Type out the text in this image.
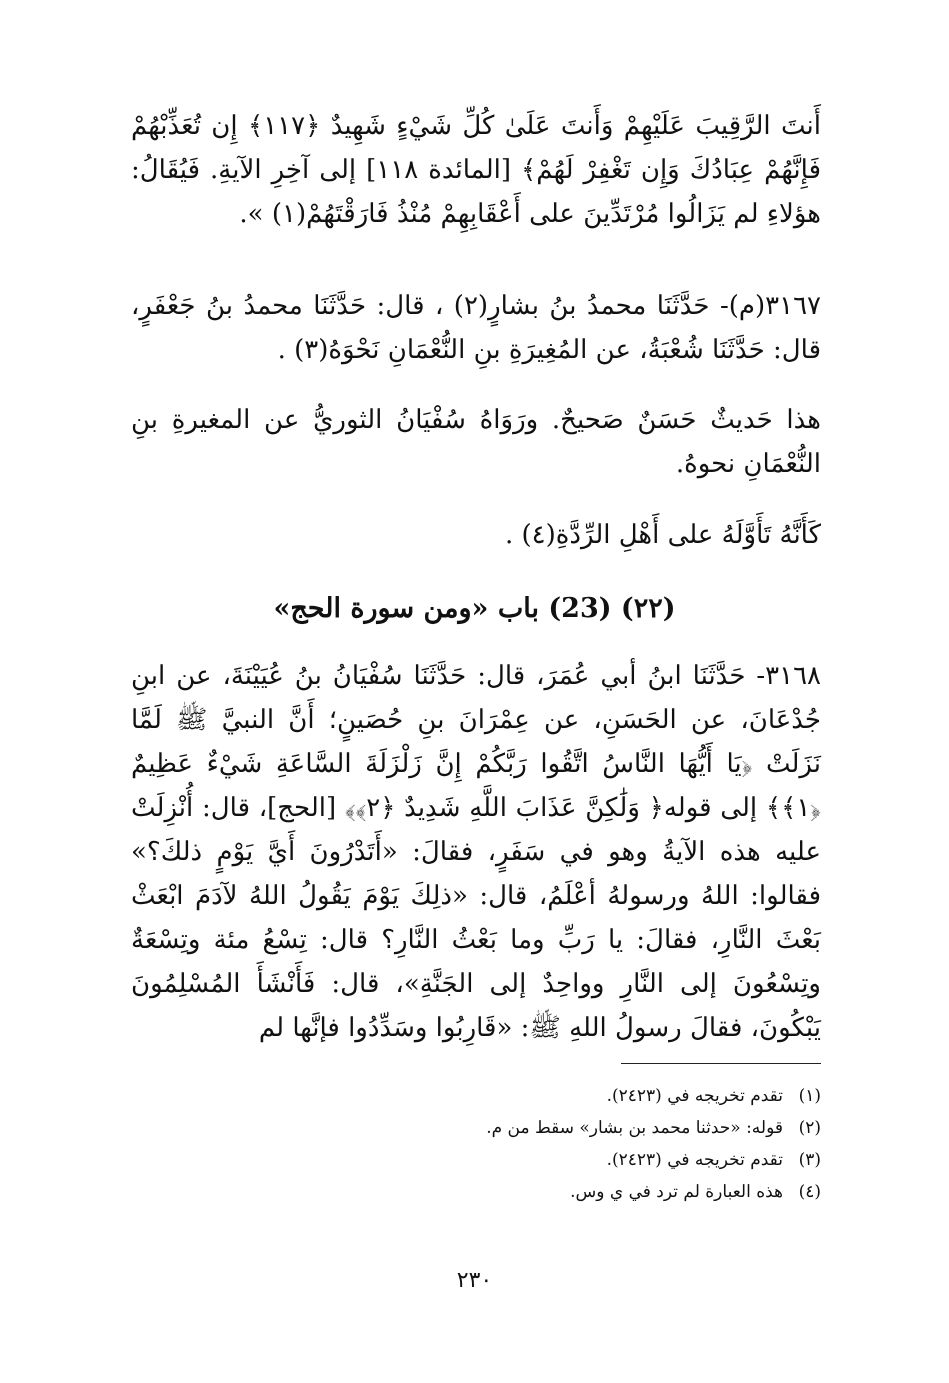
أَنتَ الرَّقِيبَ عَلَيْهِمْ وَأَنتَ عَلَىٰ كُلِّ شَيْءٍ شَهِيدٌ ﴿١١٧﴾ إِن تُعَذِّبْهُمْ فَإِنَّهُمْ عِبَادُكَ وَإِن تَغْفِرْ لَهُمْ﴾ [المائدة ١١٨] إلى آخِرِ الآيةِ. فَيُقَالُ: هؤلاءِ لم يَزَالُوا مُرْتَدِّينَ على أَعْقَابِهِمْ مُنْذُ فَارَقْتَهُمْ(١) ».
٣١٦٧(م)- حَدَّثَنَا محمدُ بنُ بشارٍ(٢) ، قال: حَدَّثَنَا محمدُ بنُ جَعْفَرٍ، قال: حَدَّثَنَا شُعْبَةُ، عن المُغِيرَةِ بنِ النُّعْمَانِ نَحْوَهُ(٣) .
هذا حَديثٌ حَسَنٌ صَحيحٌ. ورَوَاهُ سُفْيَانُ الثوريُّ عن المغيرةِ بنِ النُّعْمَانِ نحوهُ.
كَأَنَّهُ تَأَوَّلَهُ على أَهْلِ الرِّدَّةِ(٤) .
(٢٢) (23) باب «ومن سورة الحج»
٣١٦٨- حَدَّثَنَا ابنُ أبي عُمَرَ، قال: حَدَّثَنَا سُفْيَانُ بنُ عُيَيْنَةَ، عن ابنِ جُدْعَانَ، عن الحَسَنِ، عن عِمْرَانَ بنِ حُصَينٍ؛ أَنَّ النبيَّ ﷺ لَمَّا نَزَلَتْ ﴿يَا أَيُّهَا النَّاسُ اتَّقُوا رَبَّكُمْ إِنَّ زَلْزَلَةَ السَّاعَةِ شَيْءٌ عَظِيمٌ ﴿١﴾﴾ إلى قوله﴿ وَلَٰكِنَّ عَذَابَ اللَّهِ شَدِيدٌ ﴿٢﴾﴾ [الحج]، قال: أُنْزِلَتْ عليه هذه الآيةُ وهو في سَفَرٍ، فقالَ: «أَتَدْرُونَ أَيَّ يَوْمٍ ذلكَ؟» فقالوا: اللهُ ورسولهُ أعْلَمُ، قال: «ذلِكَ يَوْمَ يَقُولُ اللهُ لآدَمَ ابْعَثْ بَعْثَ النَّارِ، فقالَ: يا رَبِّ وما بَعْثُ النَّارِ؟ قال: تِسْعُ مئة وتِسْعَةٌ وتِسْعُونَ إلى النَّارِ وواحِدٌ إلى الجَنَّةِ»، قال: فَأَنْشَأَ المُسْلِمُونَ يَبْكُونَ، فقالَ رسولُ اللهِ ﷺ: «قَارِبُوا وسَدِّدُوا فإنَّها لم
(١)
تقدم تخريجه في (٢٤٢٣).
(٢)
قوله: «حدثنا محمد بن بشار» سقط من م.
(٣)
تقدم تخريجه في (٢٤٢٣).
(٤)
هذه العبارة لم ترد في ي وس.
٢٣٠
